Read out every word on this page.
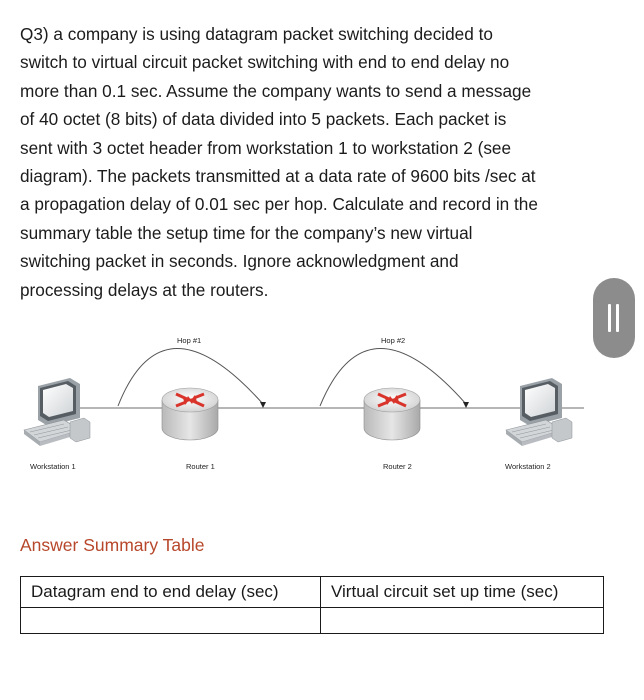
Q3) a company is using datagram packet switching decided to
switch to virtual circuit packet switching with end to end delay no
more than 0.1 sec. Assume the company wants to send a message
of 40 octet (8 bits) of data divided into 5 packets. Each packet is
sent with 3 octet header from workstation 1 to workstation 2 (see
diagram). The packets transmitted at a data rate of 9600 bits /sec at
a propagation delay of 0.01 sec per hop. Calculate and record in the
summary table the setup time for the company’s new virtual
switching packet in seconds. Ignore acknowledgment and
processing delays at the routers.
Hop #1	Hop #2
Workstation 1	Router 1	Router 2	Workstation 2
Answer Summary Table
Datagram end to end delay (sec)	Virtual circuit set up time (sec)
